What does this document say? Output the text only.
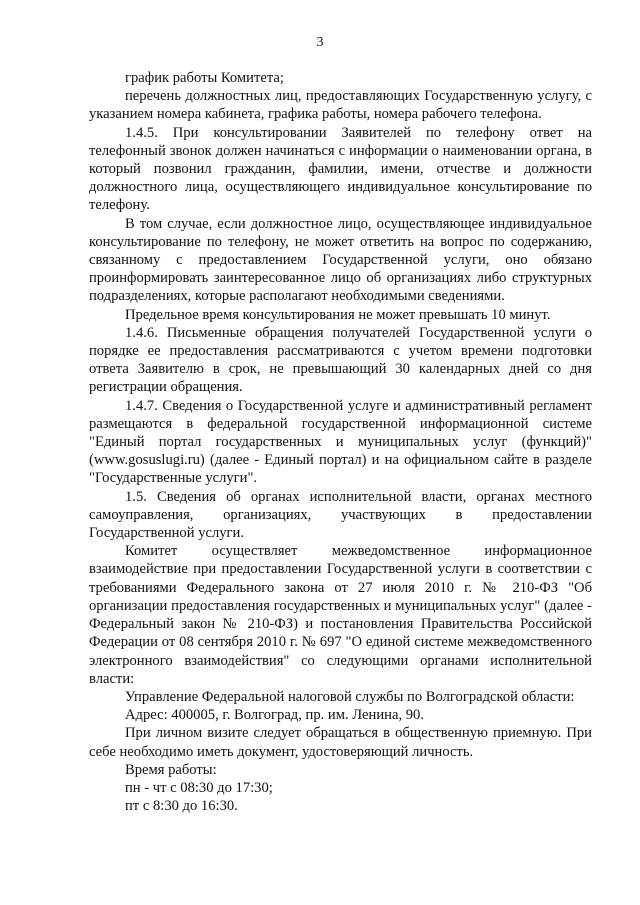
3

график работы Комитета;

перечень должностных лиц, предоставляющих Государственную услугу, с указанием номера кабинета, графика работы, номера рабочего телефона.

1.4.5. При консультировании Заявителей по телефону ответ на телефонный звонок должен начинаться с информации о наименовании органа, в который позвонил гражданин, фамилии, имени, отчестве и должности должностного лица, осуществляющего индивидуальное консультирование по телефону.

В том случае, если должностное лицо, осуществляющее индивидуальное консультирование по телефону, не может ответить на вопрос по содержанию, связанному с предоставлением Государственной услуги, оно обязано проинформировать заинтересованное лицо об организациях либо структурных подразделениях, которые располагают необходимыми сведениями.

Предельное время консультирования не может превышать 10 минут.

1.4.6. Письменные обращения получателей Государственной услуги о порядке ее предоставления рассматриваются с учетом времени подготовки ответа Заявителю в срок, не превышающий 30 календарных дней со дня регистрации обращения.

1.4.7. Сведения о Государственной услуге и административный регламент размещаются в федеральной государственной информационной системе "Единый портал государственных и муниципальных услуг (функций)" (www.gosuslugi.ru) (далее - Единый портал) и на официальном сайте в разделе "Государственные услуги".

1.5. Сведения об органах исполнительной власти, органах местного самоуправления, организациях, участвующих в предоставлении Государственной услуги.

Комитет осуществляет межведомственное информационное взаимодействие при предоставлении Государственной услуги в соответствии с требованиями Федерального закона от 27 июля 2010 г. № 210-ФЗ "Об организации предоставления государственных и муниципальных услуг" (далее - Федеральный закон № 210-ФЗ) и постановления Правительства Российской Федерации от 08 сентября 2010 г. № 697 "О единой системе межведомственного электронного взаимодействия" со следующими органами исполнительной власти:

Управление Федеральной налоговой службы по Волгоградской области:

Адрес: 400005, г. Волгоград, пр. им. Ленина, 90.

При личном визите следует обращаться в общественную приемную. При себе необходимо иметь документ, удостоверяющий личность.

Время работы:

пн - чт с 08:30 до 17:30;

пт с 8:30 до 16:30.
